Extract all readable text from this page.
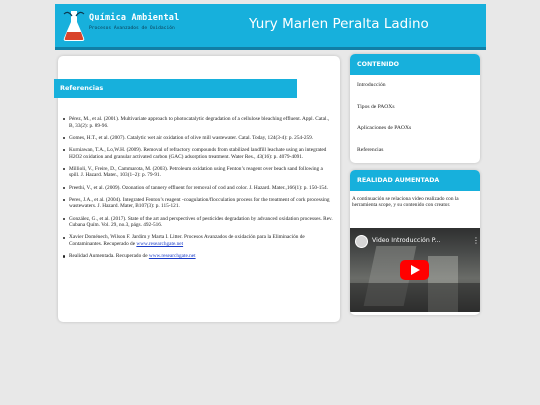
Química Ambiental
Procesos Avanzados de Oxidación	Yury Marlen Peralta Ladino
Referencias
Pérez, M., et al. (2001). Multivariate approach to photocatalytic degradation of a cellulose bleaching effluent. Appl. Catal., B, 33(2): p. 89-96.
Gomes, H.T., et al. (2007). Catalytic wet air oxidation of olive mill wastewater. Catal. Today, 124(3-4): p. 254-259.
Kurniawan, T.A., Lo,W.H. (2009). Removal of refractory compounds from stabilized landfill leachate using an integrated H2O2 oxidation and granular activated carbon (GAC) adsorption treatment. Water Res., 43(16): p. 4079-4091.
Millioli, V., Freire, D., Cammarota, M. (2003). Petroleum oxidation using Fenton’s reagent over beach sand following a spill. J. Hazard. Mater., 103(1–2): p. 79-91.
Preethi, V., et al. (2009). Ozonation of tannery effluent for removal of cod and color. J. Hazard. Mater.,166(1): p. 150-154.
Peres, J.A., et al. (2004). Integrated Fenton’s reagent -coagulation/flocculation process for the treatment of cork processing wastewaters. J. Hazard. Mater, B107(3): p. 115-121.
González, G., et al. (2017). State of the art and perspectives of pesticides degradation by advanced oxidation processes. Rev. Cubana Quím. Vol. 29, no.3, págs. 492-516.
Xavier Doménech, Wilson F. Jardim y Marta I. Litter. Procesos Avanzados de oxidación para la Eliminación de Contaminantes. Recuperado de www.researchgate.net
Realidad Aumentada. Recuperado de www.researchgate.net
CONTENIDO
Introducción
Tipos de PAOXs
Aplicaciones de PAOXs
Referencias
REALIDAD AUMENTADA
A continuación se relaciona video realizado con la herramienta scope, y su contenido con creator.
Video Introducción P...	⋮
